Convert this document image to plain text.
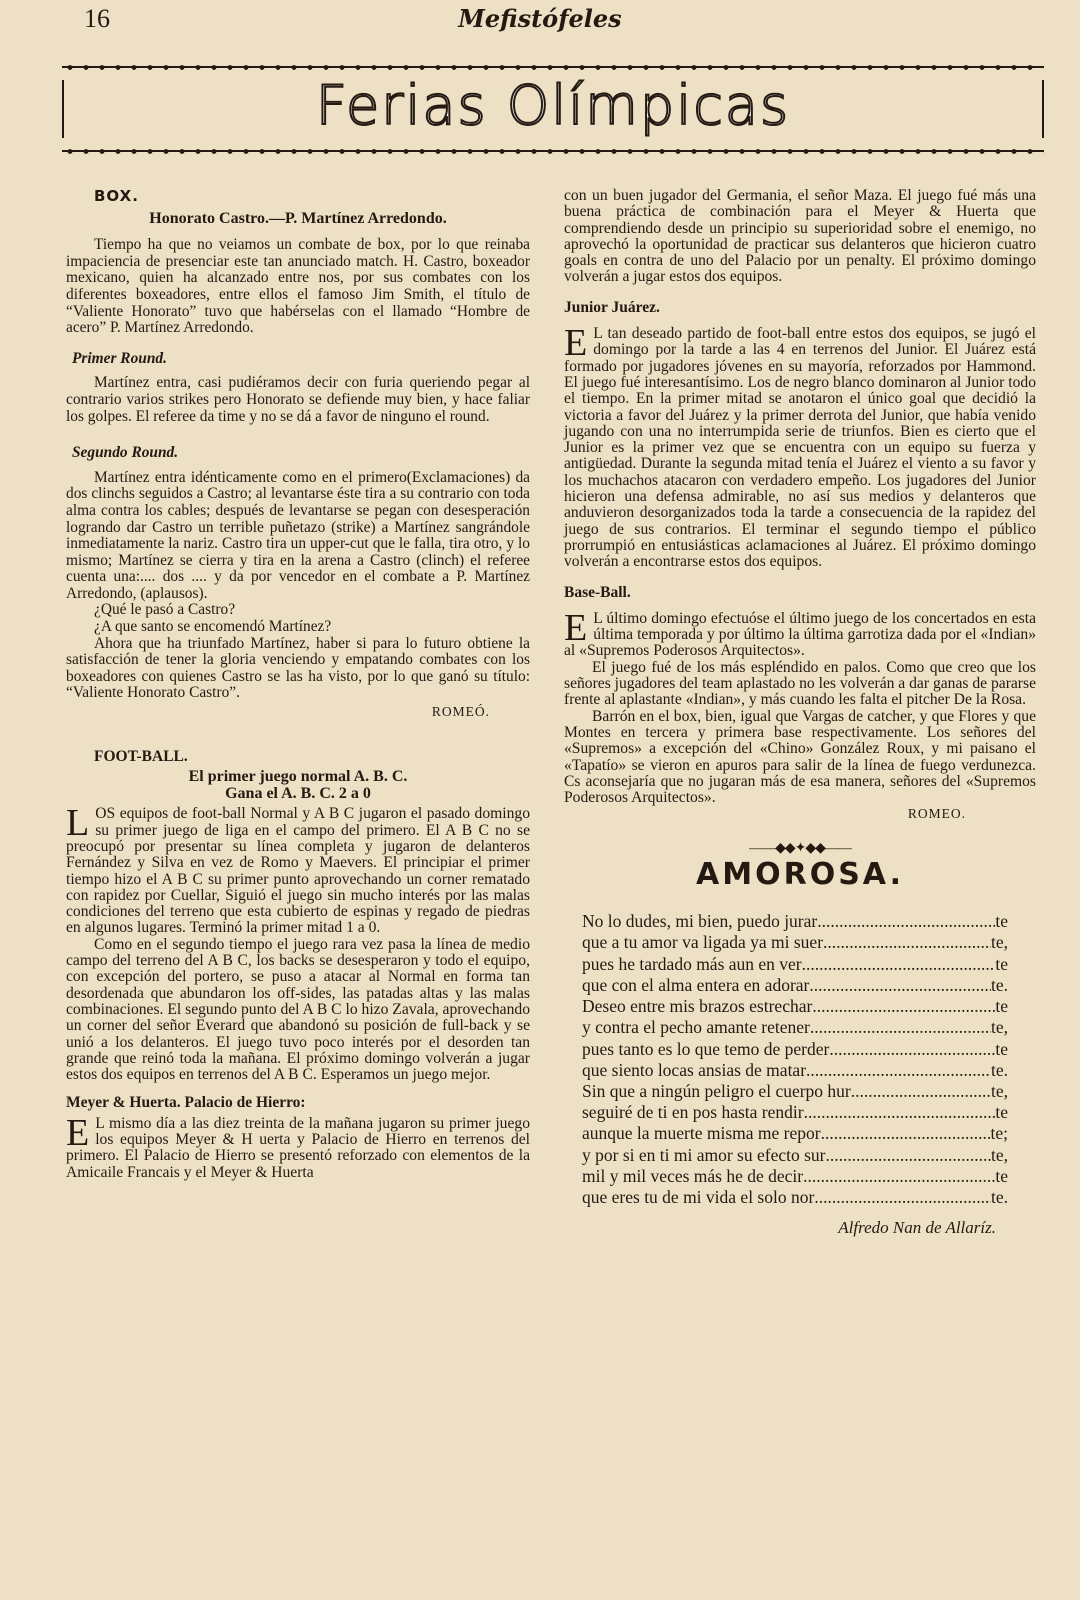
16	Mefistófeles
Ferias Olímpicas
BOX.
Honorato Castro.—P. Martínez Arredondo.

Tiempo ha que no veiamos un combate de box, por lo que reinaba impaciencia de presenciar este tan anunciado match. H. Castro, boxeador mexicano, quien ha alcanzado entre nos, por sus combates con los diferentes boxeadores, entre ellos el famoso Jim Smith, el título de “Valiente Honorato” tuvo que habérselas con el llamado “Hombre de acero” P. Martínez Arredondo.

Primer Round.

Martínez entra, casi pudiéramos decir con furia queriendo pegar al contrario varios strikes pero Honorato se defiende muy bien, y hace faliar los golpes. El referee da time y no se dá a favor de ninguno el round.

Segundo Round.

Martínez entra idénticamente como en el primero(Exclamaciones) da dos clinchs seguidos a Castro; al levantarse éste tira a su contrario con toda alma contra los cables; después de levantarse se pegan con desesperación logrando dar Castro un terrible puñetazo (strike) a Martínez sangrándole inmediatamente la nariz. Castro tira un upper-cut que le falla, tira otro, y lo mismo; Martínez se cierra y tira en la arena a Castro (clinch) el referee cuenta una:.... dos .... y da por vencedor en el combate a P. Martínez Arredondo, (aplausos).

¿Qué le pasó a Castro?

¿A que santo se encomendó Martínez?

Ahora que ha triunfado Martínez, haber si para lo futuro obtiene la satisfacción de tener la gloria venciendo y empatando combates con los boxeadores con quienes Castro se las ha visto, por lo que ganó su título: “Valiente Honorato Castro”.

ROMEÓ.
FOOT-BALL.
El primer juego normal A. B. C.
Gana el A. B. C. 2 a 0

LOS equipos de foot-ball Normal y A B C jugaron el pasado domingo su primer juego de liga en el campo del primero. El A B C no se preocupó por presentar su línea completa y jugaron de delanteros Fernández y Silva en vez de Romo y Maevers. El principiar el primer tiempo hizo el A B C su primer punto aprovechando un corner rematado con rapidez por Cuellar, Siguió el juego sin mucho interés por las malas condiciones del terreno que esta cubierto de espinas y regado de piedras en algunos lugares. Terminó la primer mitad 1 a 0.

Como en el segundo tiempo el juego rara vez pasa la línea de medio campo del terreno del A B C, los backs se desesperaron y todo el equipo, con excepción del portero, se puso a atacar al Normal en forma tan desordenada que abundaron los off-sides, las patadas altas y las malas combinaciones. El segundo punto del A B C lo hizo Zavala, aprovechando un corner del señor Everard que abandonó su posición de full-back y se unió a los delanteros. El juego tuvo poco interés por el desorden tan grande que reinó toda la mañana. El próximo domingo volverán a jugar estos dos equipos en terrenos del A B C. Esperamos un juego mejor.

Meyer & Huerta. Palacio de Hierro:

E L mismo día a las diez treinta de la mañana jugaron su primer juego los equipos Meyer & H uerta y Palacio de Hierro en terrenos del primero. El Palacio de Hierro se presentó reforzado con elementos de la Amicaile Francais y el Meyer & Huerta

con un buen jugador del Germania, el señor Maza. El juego fué más una buena práctica de combinación para el Meyer & Huerta que comprendiendo desde un principio su superioridad sobre el enemigo, no aprovechó la oportunidad de practicar sus delanteros que hicieron cuatro goals en contra de uno del Palacio por un penalty. El próximo domingo volverán a jugar estos dos equipos.

Junior Juárez.

E L tan deseado partido de foot-ball entre estos dos equipos, se jugó el domingo por la tarde a las 4 en terrenos del Junior. El Juárez está formado por jugadores jóvenes en su mayoría, reforzados por Hammond. El juego fué interesantísimo. Los de negro blanco dominaron al Junior todo el tiempo. En la primer mitad se anotaron el único goal que decidió la victoria a favor del Juárez y la primer derrota del Junior, que había venido jugando con una no interrumpida serie de triunfos. Bien es cierto que el Junior es la primer vez que se encuentra con un equipo su fuerza y antigüedad. Durante la segunda mitad tenía el Juárez el viento a su favor y los muchachos atacaron con verdadero empeño. Los jugadores del Junior hicieron una defensa admirable, no así sus medios y delanteros que anduvieron desorganizados toda la tarde a consecuencia de la rapidez del juego de sus contrarios. El terminar el segundo tiempo el público prorrumpió en entusiásticas aclamaciones al Juárez. El próximo domingo volverán a encontrarse estos dos equipos.

Base-Ball.

E L último domingo efectuóse el último juego de los concertados en esta última temporada y por último la última garrotiza dada por el «Indian» al «Supremos Poderosos Arquitectos».

El juego fué de los más espléndido en palos. Como que creo que los señores jugadores del team aplastado no les volverán a dar ganas de pararse frente al aplastante «Indian», y más cuando les falta el pitcher De la Rosa.

Barrón en el box, bien, igual que Vargas de catcher, y que Flores y que Montes en tercera y primera base respectivamente. Los señores del «Supremos» a excepción del «Chino» González Roux, y mi paisano el «Tapatío» se vieron en apuros para salir de la línea de fuego verdunezca. Cs aconsejaría que no jugaran más de esa manera, señores del «Supremos Poderosos Arquitectos».

ROMEO.
——◆◆✦◆◆——
AMOROSA.
No lo dudes, mi bien, puedo jurar .....	te
que a tu amor va ligada ya mi suer .....	te,
pues he tardado más aun en ver .....	te
que con el alma entera en adorar .....	te.
Deseo entre mis brazos estrechar .....	te
y contra el pecho amante retener .....	te,
pues tanto es lo que temo de perder .....	te
que siento locas ansias de matar .....	te.
Sin que a ningún peligro el cuerpo hur .....	te,
seguiré de ti en pos hasta rendir .....	te
aunque la muerte misma me repor .....	te;
y por si en ti mi amor su efecto sur .....	te,
mil y mil veces más he de decir .....	te
que eres tu de mi vida el solo nor .....	te.
Alfredo Nan de Allaríz.
